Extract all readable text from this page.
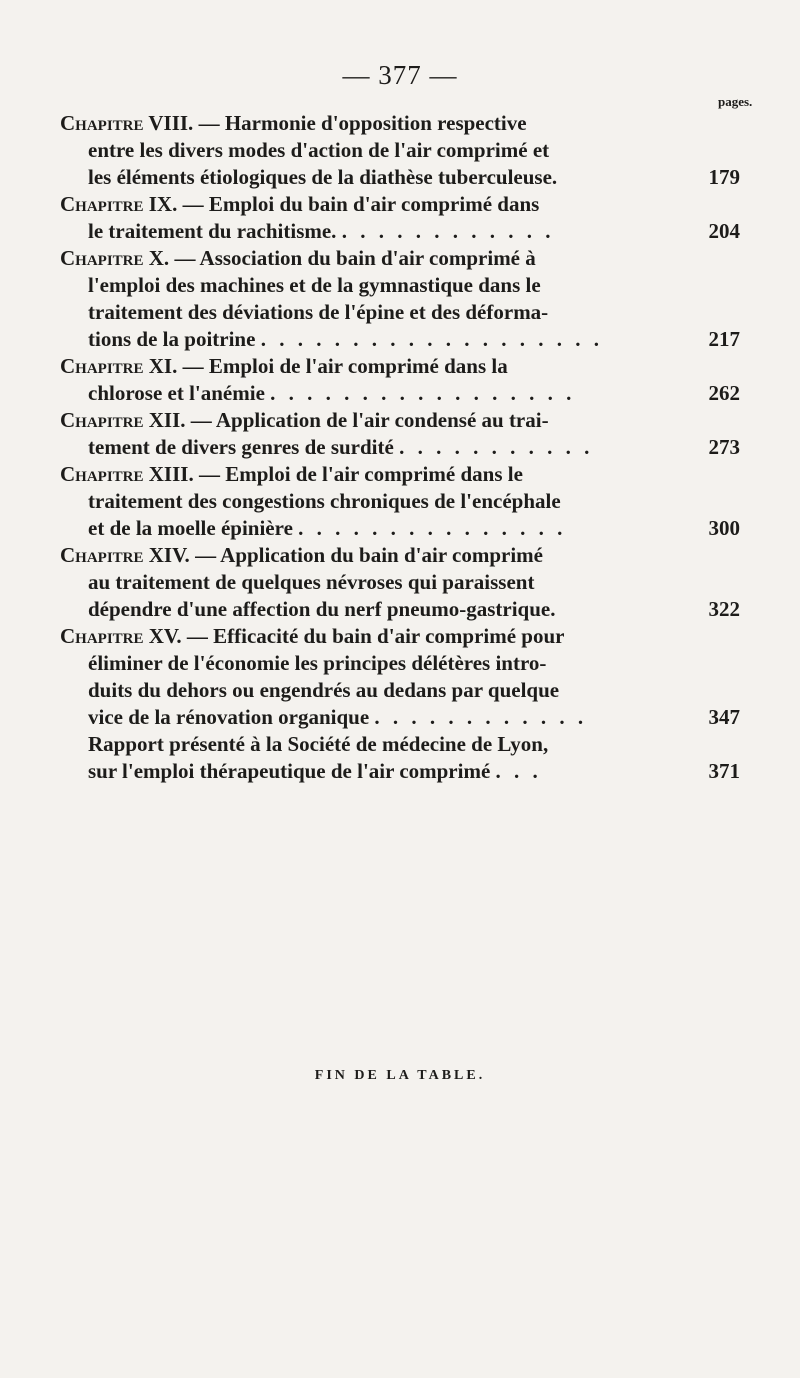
— 377 —
pages.
Chapitre VIII. — Harmonie d'opposition respective
entre les divers modes d'action de l'air comprimé et
les éléments étiologiques de la diathèse tuberculeuse.	179
Chapitre IX. — Emploi du bain d'air comprimé dans
le traitement du rachitisme. . . . . . . . . . . . .	204
Chapitre X. — Association du bain d'air comprimé à
l'emploi des machines et de la gymnastique dans le
traitement des déviations de l'épine et des déforma-
tions de la poitrine . . . . . . . . . . . . . . . . . . .	217
Chapitre XI. — Emploi de l'air comprimé dans la
chlorose et l'anémie . . . . . . . . . . . . . . . . .	262
Chapitre XII. — Application de l'air condensé au trai-
tement de divers genres de surdité . . . . . . . . . . .	273
Chapitre XIII. — Emploi de l'air comprimé dans le
traitement des congestions chroniques de l'encéphale
et de la moelle épinière . . . . . . . . . . . . . . .	300
Chapitre XIV. — Application du bain d'air comprimé
au traitement de quelques névroses qui paraissent
dépendre d'une affection du nerf pneumo-gastrique.	322
Chapitre XV. — Efficacité du bain d'air comprimé pour
éliminer de l'économie les principes délétères intro-
duits du dehors ou engendrés au dedans par quelque
vice de la rénovation organique . . . . . . . . . . . .	347
Rapport présenté à la Société de médecine de Lyon,
sur l'emploi thérapeutique de l'air comprimé . . .	371
FIN DE LA TABLE.
